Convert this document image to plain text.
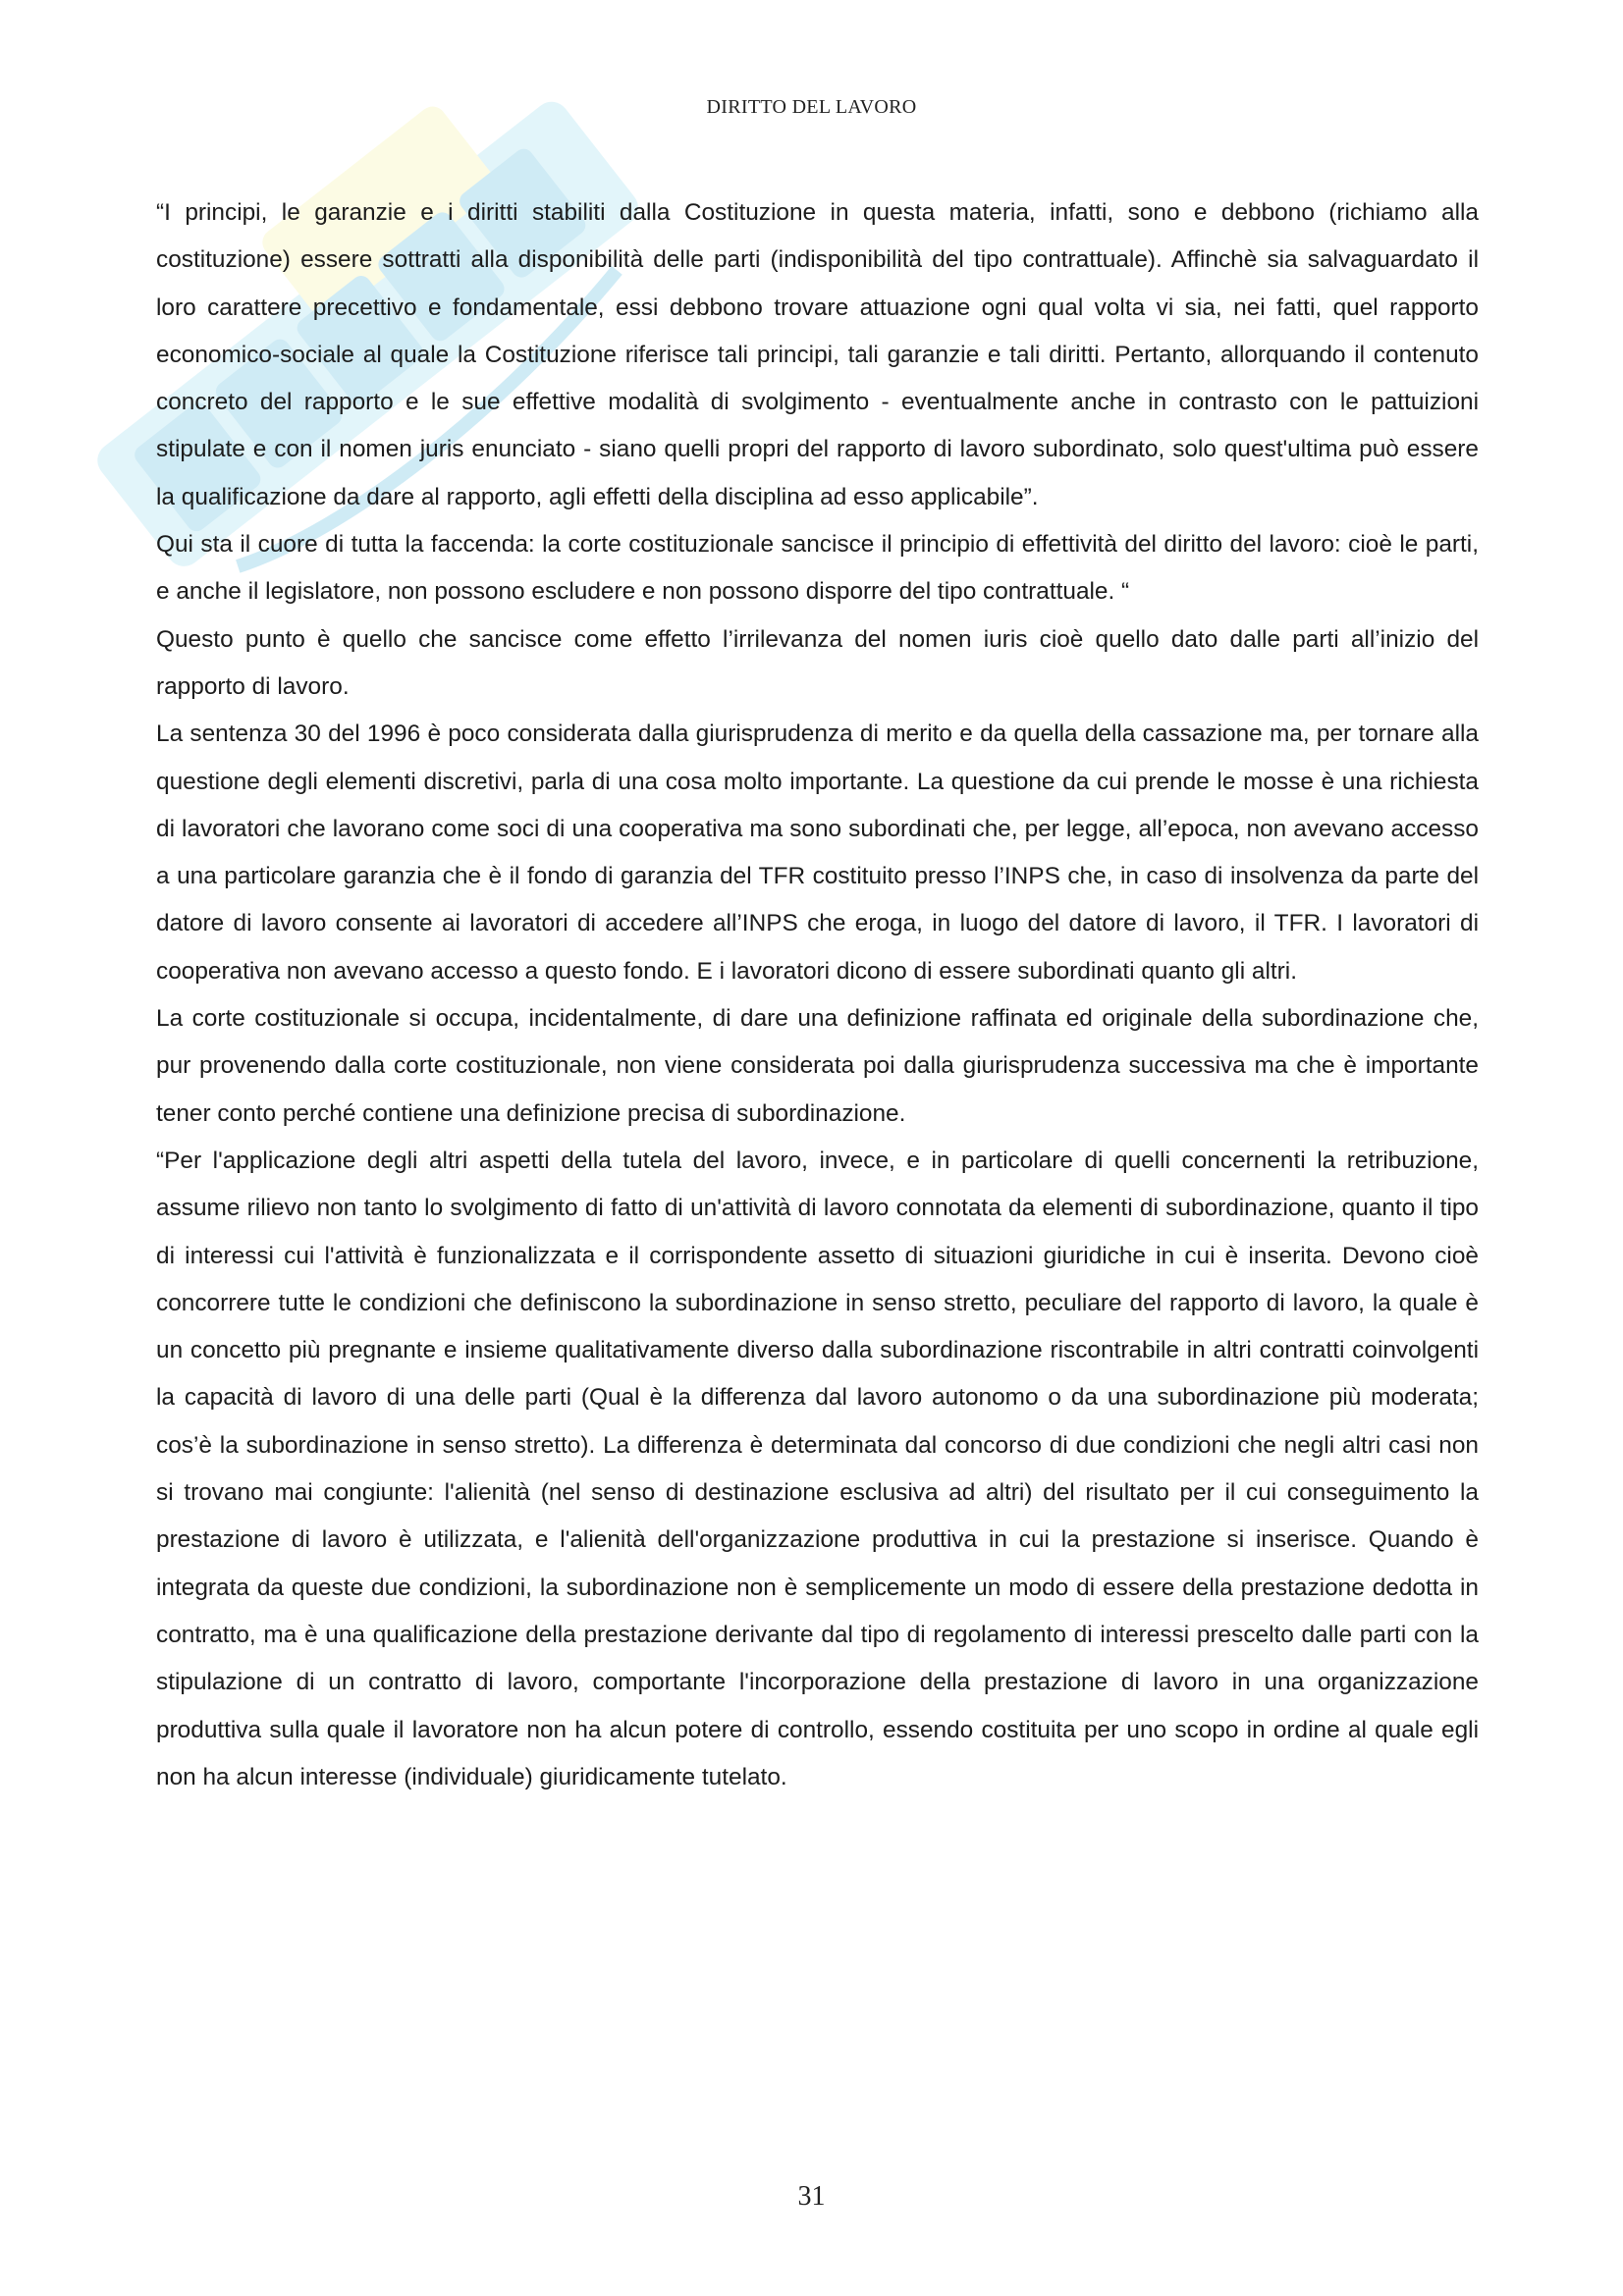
DIRITTO DEL LAVORO

“I principi, le garanzie e i diritti stabiliti dalla Costituzione in questa materia, infatti, sono e debbono (richiamo alla costituzione) essere sottratti alla disponibilità delle parti (indisponibilità del tipo contrattuale). Affinchè sia salvaguardato il loro carattere precettivo e fondamentale, essi debbono trovare attuazione ogni qual volta vi sia, nei fatti, quel rapporto economico-sociale al quale la Costituzione riferisce tali principi, tali garanzie e tali diritti. Pertanto, allorquando il contenuto concreto del rapporto e le sue effettive modalità di svolgimento - eventualmente anche in contrasto con le pattuizioni stipulate e con il nomen juris enunciato - siano quelli propri del rapporto di lavoro subordinato, solo quest'ultima può essere la qualificazione da dare al rapporto, agli effetti della disciplina ad esso applicabile”.

Qui sta il cuore di tutta la faccenda: la corte costituzionale sancisce il principio di effettività del diritto del lavoro: cioè le parti, e anche il legislatore, non possono escludere e non possono disporre del tipo contrattuale. “

Questo punto è quello che sancisce come effetto l’irrilevanza del nomen iuris cioè quello dato dalle parti all’inizio del rapporto di lavoro.

La sentenza 30 del 1996 è poco considerata dalla giurisprudenza di merito e da quella della cassazione ma, per tornare alla questione degli elementi discretivi, parla di una cosa molto importante. La questione da cui prende le mosse è una richiesta di lavoratori che lavorano come soci di una cooperativa ma sono subordinati che, per legge, all’epoca, non avevano accesso a una particolare garanzia che è il fondo di garanzia del TFR costituito presso l’INPS che, in caso di insolvenza da parte del datore di lavoro consente ai lavoratori di accedere all’INPS che eroga, in luogo del datore di lavoro, il TFR. I lavoratori di cooperativa non avevano accesso a questo fondo. E i lavoratori dicono di essere subordinati quanto gli altri.

La corte costituzionale si occupa, incidentalmente, di dare una definizione raffinata ed originale della subordinazione che, pur provenendo dalla corte costituzionale, non viene considerata poi dalla giurisprudenza successiva ma che è importante tener conto perché contiene una definizione precisa di subordinazione.

“Per l'applicazione degli altri aspetti della tutela del lavoro, invece, e in particolare di quelli concernenti la retribuzione, assume rilievo non tanto lo svolgimento di fatto di un'attività di lavoro connotata da elementi di subordinazione, quanto il tipo di interessi cui l'attività è funzionalizzata e il corrispondente assetto di situazioni giuridiche in cui è inserita. Devono cioè concorrere tutte le condizioni che definiscono la subordinazione in senso stretto, peculiare del rapporto di lavoro, la quale è un concetto più pregnante e insieme qualitativamente diverso dalla subordinazione riscontrabile in altri contratti coinvolgenti la capacità di lavoro di una delle parti (Qual è la differenza dal lavoro autonomo o da una subordinazione più moderata; cos’è la subordinazione in senso stretto). La differenza è determinata dal concorso di due condizioni che negli altri casi non si trovano mai congiunte: l'alienità (nel senso di destinazione esclusiva ad altri) del risultato per il cui conseguimento la prestazione di lavoro è utilizzata, e l'alienità dell'organizzazione produttiva in cui la prestazione si inserisce. Quando è integrata da queste due condizioni, la subordinazione non è semplicemente un modo di essere della prestazione dedotta in contratto, ma è una qualificazione della prestazione derivante dal tipo di regolamento di interessi prescelto dalle parti con la stipulazione di un contratto di lavoro, comportante l'incorporazione della prestazione di lavoro in una organizzazione produttiva sulla quale il lavoratore non ha alcun potere di controllo, essendo costituita per uno scopo in ordine al quale egli non ha alcun interesse (individuale) giuridicamente tutelato.

31
